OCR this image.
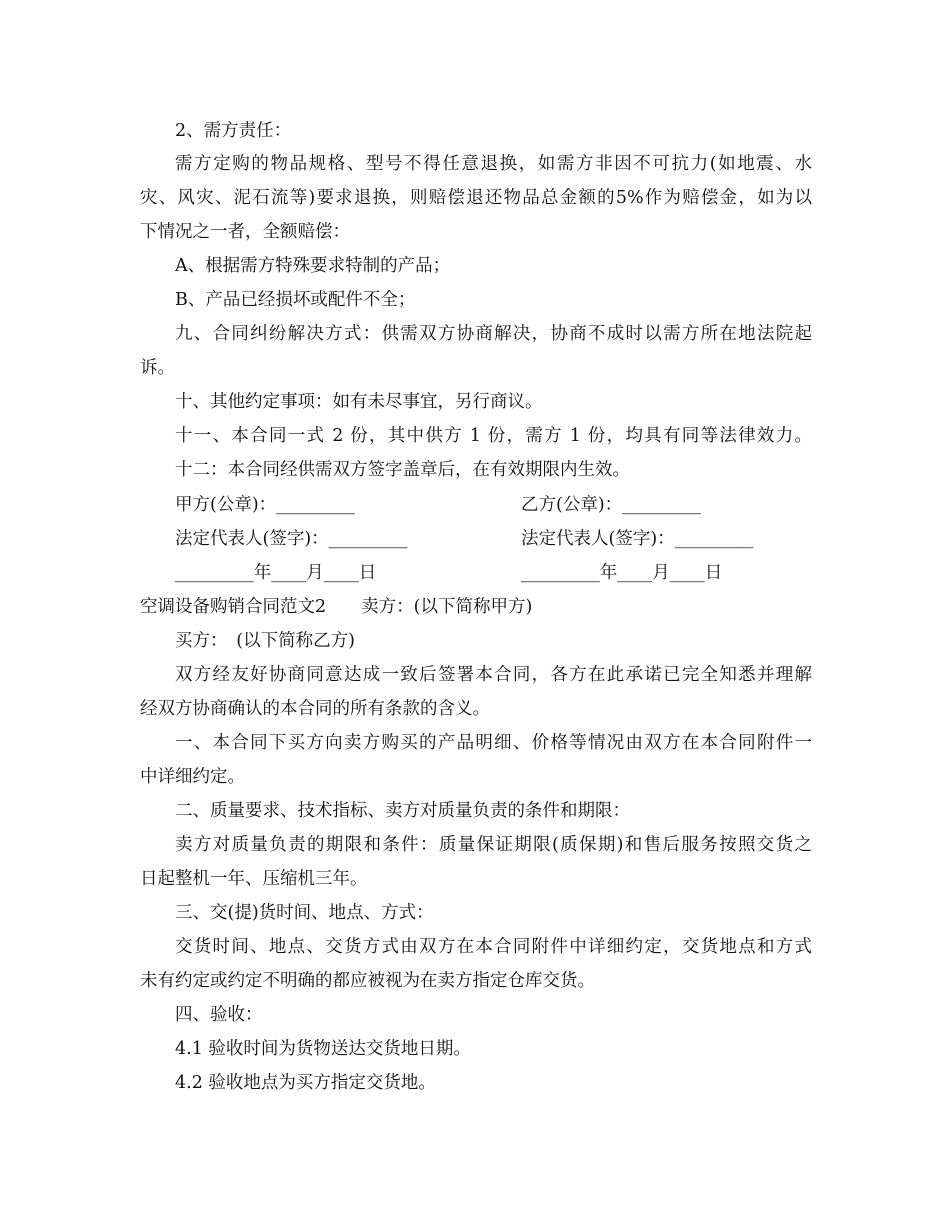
2、需方责任：
需方定购的物品规格、型号不得任意退换，如需方非因不可抗力(如地震、水
灾、风灾、泥石流等)要求退换，则赔偿退还物品总金额的5%作为赔偿金，如为以
下情况之一者，全额赔偿：
A、根据需方特殊要求特制的产品；
B、产品已经损坏或配件不全；
九、合同纠纷解决方式：供需双方协商解决，协商不成时以需方所在地法院起
诉。
十、其他约定事项：如有未尽事宜，另行商议。
十一、本合同一式 2 份，其中供方 1 份，需方 1 份，均具有同等法律效力。
十二：本合同经供需双方签字盖章后，在有效期限内生效。
甲方(公章)：_________	乙方(公章)：_________
法定代表人(签字)：_________	法定代表人(签字)：_________
_________年____月____日	_________年____月____日
空调设备购销合同范文2　　卖方：(以下简称甲方)
买方：　(以下简称乙方)
双方经友好协商同意达成一致后签署本合同，各方在此承诺已完全知悉并理解
经双方协商确认的本合同的所有条款的含义。
一、本合同下买方向卖方购买的产品明细、价格等情况由双方在本合同附件一
中详细约定。
二、质量要求、技术指标、卖方对质量负责的条件和期限：
卖方对质量负责的期限和条件：质量保证期限(质保期)和售后服务按照交货之
日起整机一年、压缩机三年。
三、交(提)货时间、地点、方式：
交货时间、地点、交货方式由双方在本合同附件中详细约定，交货地点和方式
未有约定或约定不明确的都应被视为在卖方指定仓库交货。
四、验收：
4.1 验收时间为货物送达交货地日期。
4.2 验收地点为买方指定交货地。
